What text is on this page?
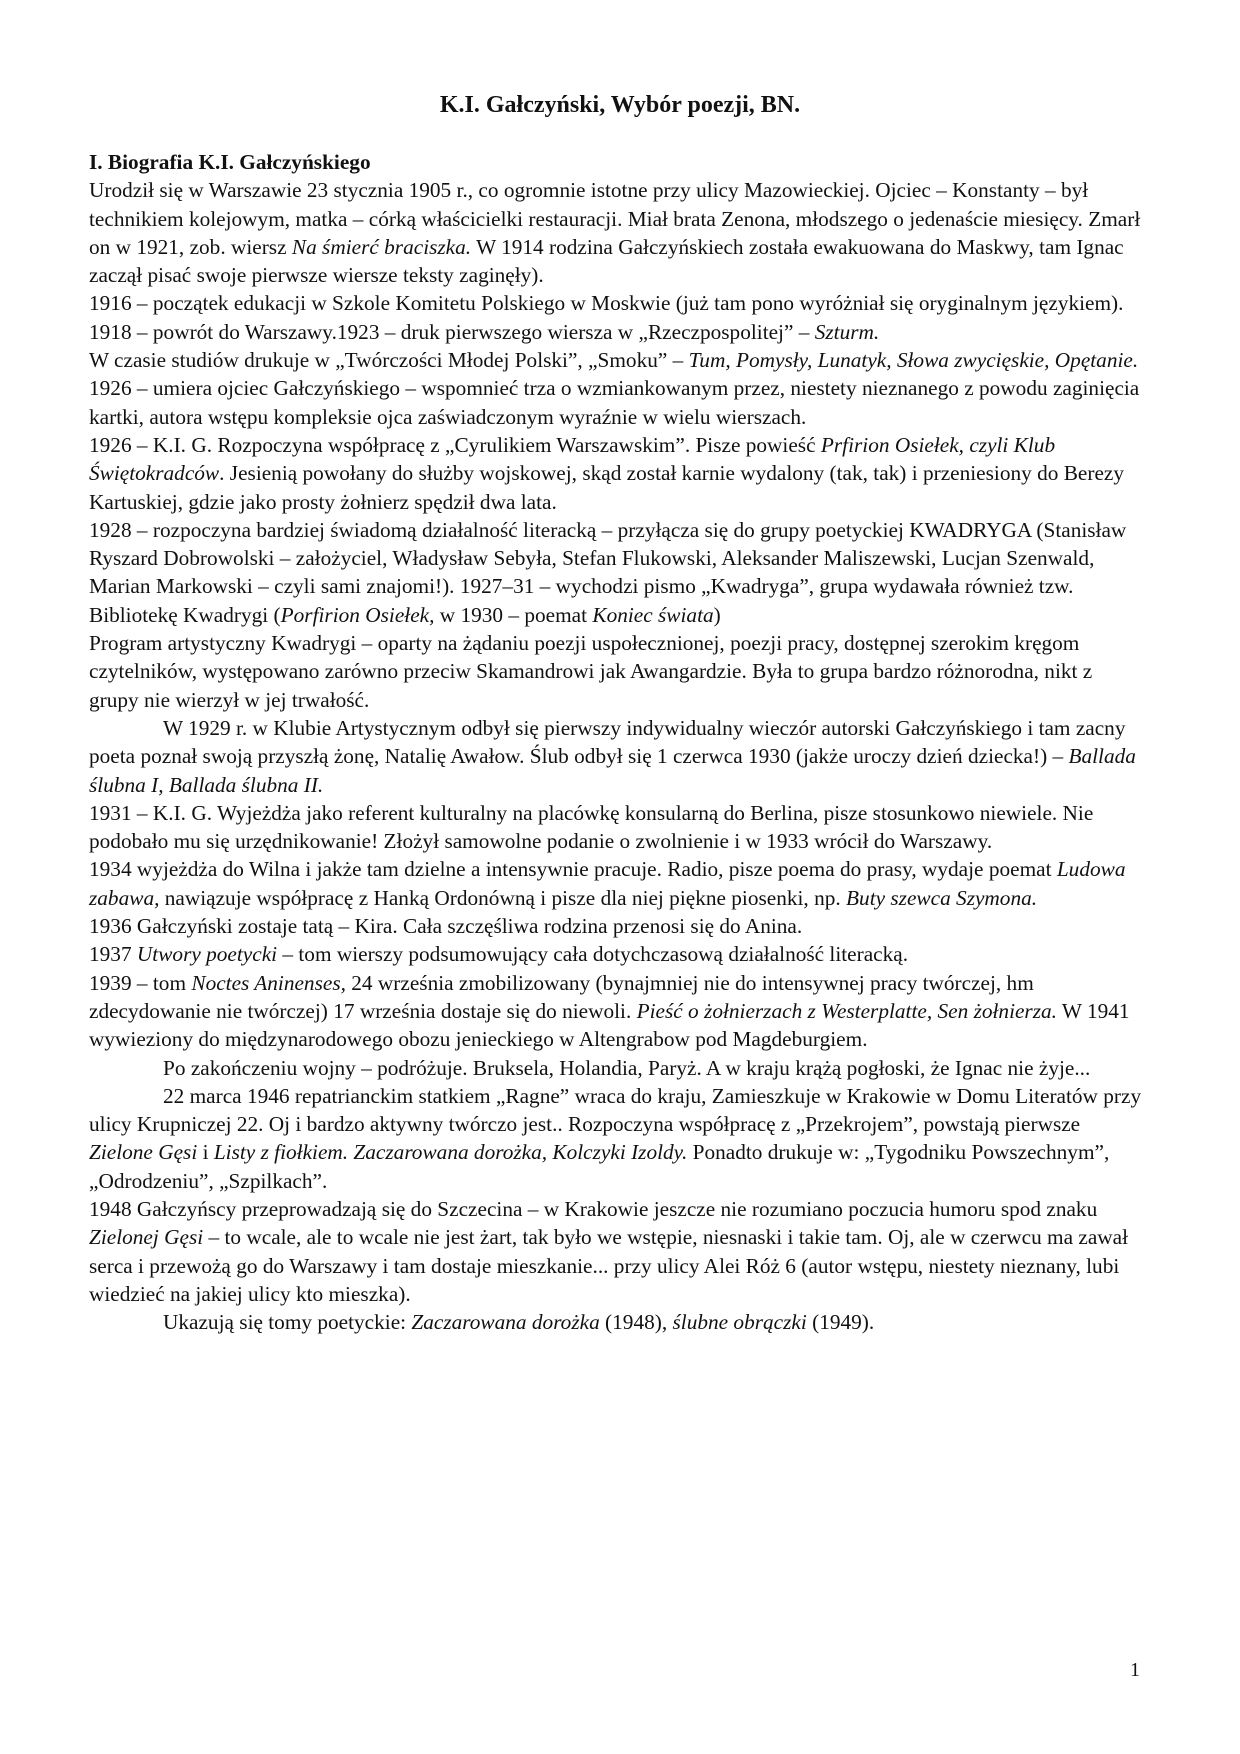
K.I. Gałczyński, Wybór poezji, BN.

I. Biografia K.I. Gałczyńskiego

Urodził się w Warszawie 23 stycznia 1905 r., co ogromnie istotne przy ulicy Mazowieckiej. Ojciec – Konstanty – był technikiem kolejowym, matka – córką właścicielki restauracji. Miał brata Zenona, młodszego o jedenaście miesięcy. Zmarł on w 1921, zob. wiersz Na śmierć braciszka. W 1914 rodzina Gałczyńskiech została ewakuowana do Maskwy, tam Ignac zaczął pisać swoje pierwsze wiersze teksty zaginęły).

1916 – początek edukacji w Szkole Komitetu Polskiego w Moskwie (już tam pono wyróżniał się oryginalnym językiem).

1918 – powrót do Warszawy.1923 – druk pierwszego wiersza w „Rzeczpospolitej” – Szturm.

W czasie studiów drukuje w „Twórczości Młodej Polski”, „Smoku” – Tum, Pomysły, Lunatyk, Słowa zwycięskie, Opętanie.

1926 – umiera ojciec Gałczyńskiego – wspomnieć trza o wzmiankowanym przez, niestety nieznanego z powodu zaginięcia kartki, autora wstępu kompleksie ojca zaświadczonym wyraźnie w wielu wierszach.

1926 – K.I. G. Rozpoczyna współpracę z „Cyrulikiem Warszawskim”. Pisze powieść Prfirion Osiełek, czyli Klub Świętokradców. Jesienią powołany do służby wojskowej, skąd został karnie wydalony (tak, tak) i przeniesiony do Berezy Kartuskiej, gdzie jako prosty żołnierz spędził dwa lata.

1928 – rozpoczyna bardziej świadomą działalność literacką – przyłącza się do grupy poetyckiej KWADRYGA (Stanisław Ryszard Dobrowolski – założyciel, Władysław Sebyła, Stefan Flukowski, Aleksander Maliszewski, Lucjan Szenwald, Marian Markowski – czyli sami znajomi!). 1927–31 – wychodzi pismo „Kwadryga”, grupa wydawała również tzw. Bibliotekę Kwadrygi (Porfirion Osiełek, w 1930 – poemat Koniec świata)

Program artystyczny Kwadrygi – oparty na żądaniu poezji uspołecznionej, poezji pracy, dostępnej szerokim kręgom czytelników, występowano zarówno przeciw Skamandrowi jak Awangardzie. Była to grupa bardzo różnorodna, nikt z grupy nie wierzył w jej trwałość.

W 1929 r. w Klubie Artystycznym odbył się pierwszy indywidualny wieczór autorski Gałczyńskiego i tam zacny poeta poznał swoją przyszłą żonę, Natalię Awałow. Ślub odbył się 1 czerwca 1930 (jakże uroczy dzień dziecka!) – Ballada ślubna I, Ballada ślubna II.

1931 – K.I. G. Wyjeżdża jako referent kulturalny na placówkę konsularną do Berlina, pisze stosunkowo niewiele. Nie podobało mu się urzędnikowanie! Złożył samowolne podanie o zwolnienie i w 1933 wrócił do Warszawy.

1934 wyjeżdża do Wilna i jakże tam dzielne a intensywnie pracuje. Radio, pisze poema do prasy, wydaje poemat Ludowa zabawa, nawiązuje współpracę z Hanką Ordonówną i pisze dla niej piękne piosenki, np. Buty szewca Szymona.

1936 Gałczyński zostaje tatą – Kira. Cała szczęśliwa rodzina przenosi się do Anina.

1937 Utwory poetycki – tom wierszy podsumowujący cała dotychczasową działalność literacką.

1939 – tom Noctes Aninenses, 24 września zmobilizowany (bynajmniej nie do intensywnej pracy twórczej, hm zdecydowanie nie twórczej) 17 września dostaje się do niewoli. Pieść o żołnierzach z Westerplatte, Sen żołnierza. W 1941 wywieziony do międzynarodowego obozu jenieckiego w Altengrabow pod Magdeburgiem.

Po zakończeniu wojny – podróżuje. Bruksela, Holandia, Paryż. A w kraju krążą pogłoski, że Ignac nie żyje...

22 marca 1946 repatrianckim statkiem „Ragne” wraca do kraju, Zamieszkuje w Krakowie w Domu Literatów przy ulicy Krupniczej 22. Oj i bardzo aktywny twórczo jest.. Rozpoczyna współpracę z „Przekrojem”, powstają pierwsze Zielone Gęsi i Listy z fiołkiem. Zaczarowana dorożka, Kolczyki Izoldy. Ponadto drukuje w: „Tygodniku Powszechnym”, „Odrodzeniu”, „Szpilkach”.

1948 Gałczyńscy przeprowadzają się do Szczecina – w Krakowie jeszcze nie rozumiano poczucia humoru spod znaku Zielonej Gęsi – to wcale, ale to wcale nie jest żart, tak było we wstępie, niesnaski i takie tam. Oj, ale w czerwcu ma zawał serca i przewożą go do Warszawy i tam dostaje mieszkanie... przy ulicy Alei Róż 6 (autor wstępu, niestety nieznany, lubi wiedzieć na jakiej ulicy kto mieszka).

Ukazują się tomy poetyckie: Zaczarowana dorożka (1948), ślubne obrączki (1949).

1
